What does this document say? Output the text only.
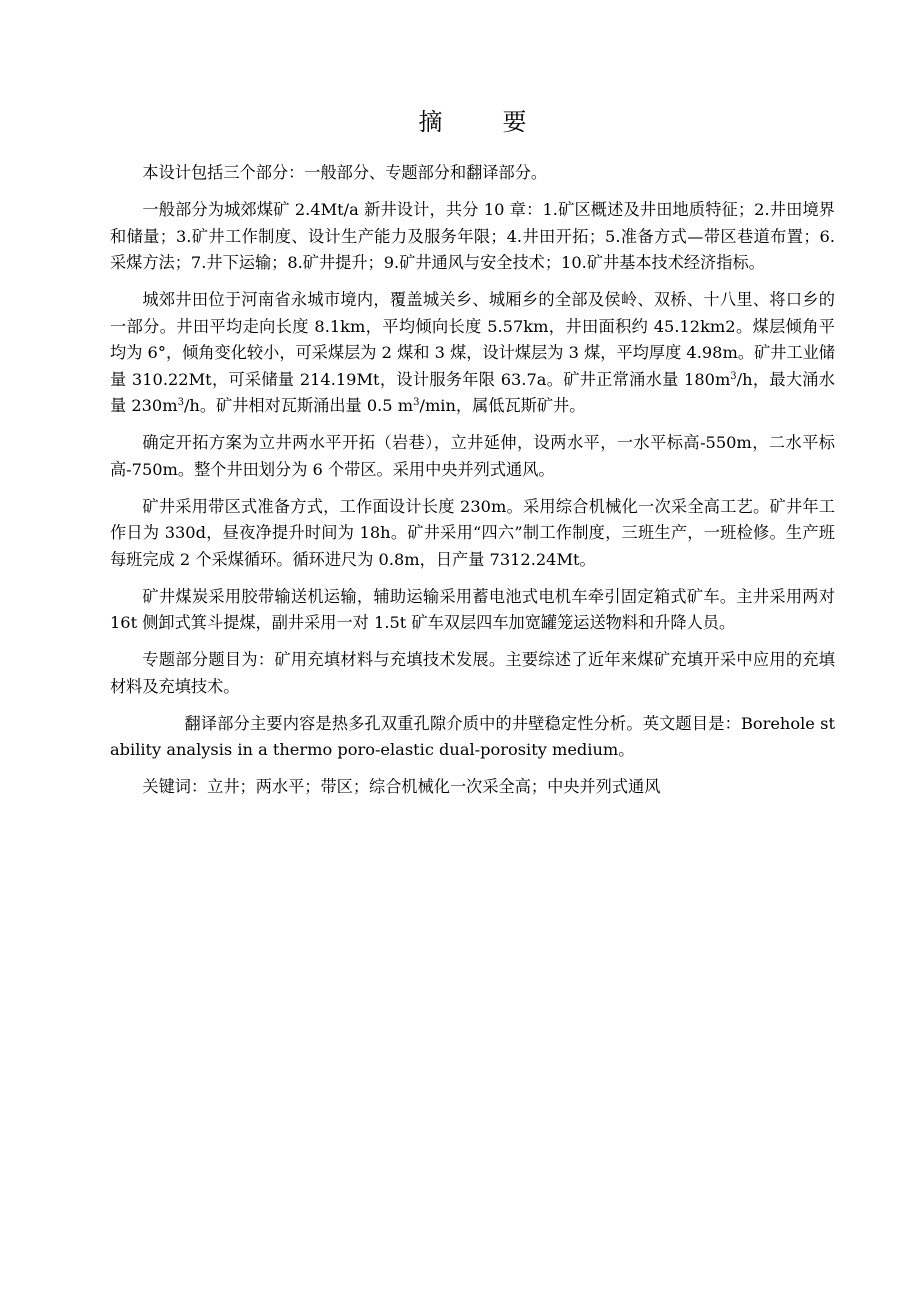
摘　要

本设计包括三个部分：一般部分、专题部分和翻译部分。

一般部分为城郊煤矿 2.4Mt/a 新井设计，共分 10 章：1.矿区概述及井田地质特征；2.井田境界和储量；3.矿井工作制度、设计生产能力及服务年限；4.井田开拓；5.准备方式—带区巷道布置；6.采煤方法；7.井下运输；8.矿井提升；9.矿井通风与安全技术；10.矿井基本技术经济指标。

城郊井田位于河南省永城市境内，覆盖城关乡、城厢乡的全部及侯岭、双桥、十八里、将口乡的一部分。井田平均走向长度 8.1km，平均倾向长度 5.57km，井田面积约 45.12km2。煤层倾角平均为 6°，倾角变化较小，可采煤层为 2 煤和 3 煤，设计煤层为 3 煤，平均厚度 4.98m。矿井工业储量 310.22Mt，可采储量 214.19Mt，设计服务年限 63.7a。矿井正常涌水量 $180m^3/h$，最大涌水量 $230m^3/h$。矿井相对瓦斯涌出量 0.5 $m^3/\min$，属低瓦斯矿井。

确定开拓方案为立井两水平开拓（岩巷），立井延伸，设两水平，一水平标高-550m，二水平标高-750m。整个井田划分为 6 个带区。采用中央并列式通风。

矿井采用带区式准备方式，工作面设计长度 230m。采用综合机械化一次采全高工艺。矿井年工作日为 330d，昼夜净提升时间为 18h。矿井采用“四六”制工作制度，三班生产，一班检修。生产班每班完成 2 个采煤循环。循环进尺为 0.8m，日产量 7312.24Mt。

矿井煤炭采用胶带输送机运输，辅助运输采用蓄电池式电机车牵引固定箱式矿车。主井采用两对 16t 侧卸式箕斗提煤，副井采用一对 1.5t 矿车双层四车加宽罐笼运送物料和升降人员。

专题部分题目为：矿用充填材料与充填技术发展。主要综述了近年来煤矿充填开采中应用的充填材料及充填技术。

翻译部分主要内容是热多孔双重孔隙介质中的井壁稳定性分析。英文题目是：Borehole stability analysis in a thermo poro-elastic dual-porosity medium。

关键词：立井；两水平；带区；综合机械化一次采全高；中央并列式通风
